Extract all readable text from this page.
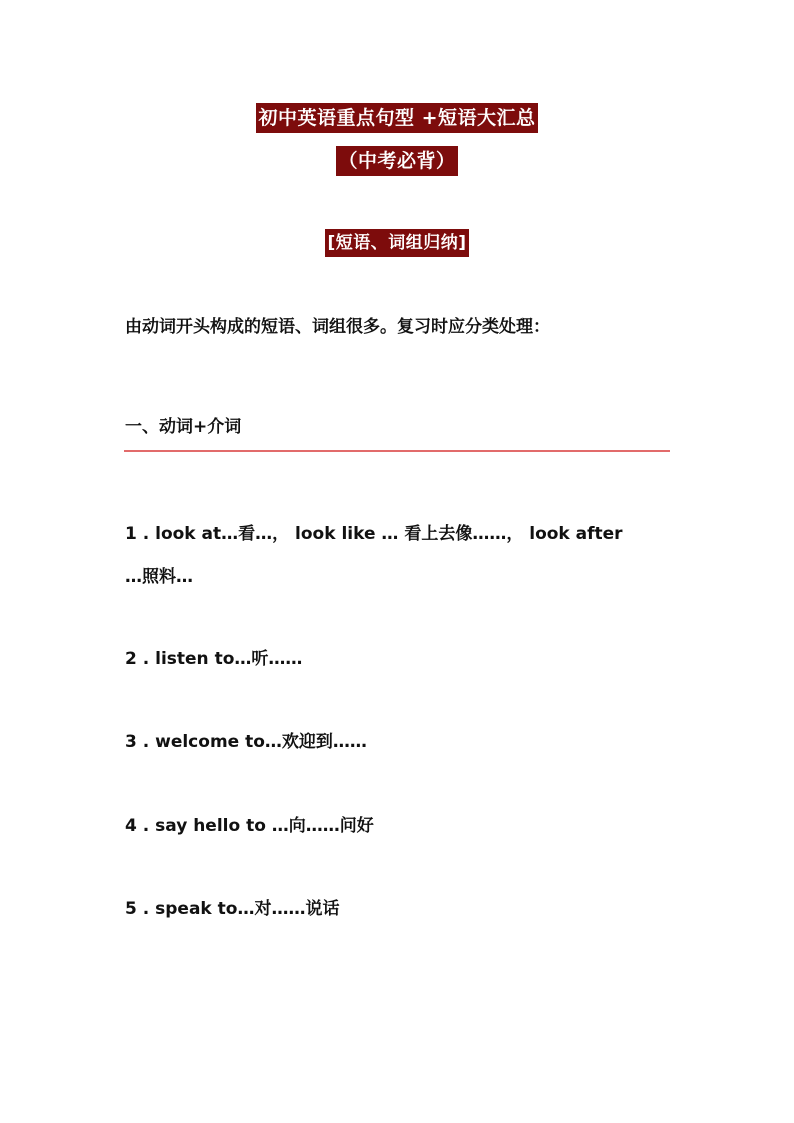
初中英语重点句型 +短语大汇总
（中考必背）
[短语、词组归纳]
由动词开头构成的短语、词组很多。复习时应分类处理：
一、动词+介词
1 . look at…看…， look like … 看上去像……， look after …照料…
2 . listen to…听……
3 . welcome to…欢迎到……
4 . say hello to …向……问好
5 . speak to…对……说话
